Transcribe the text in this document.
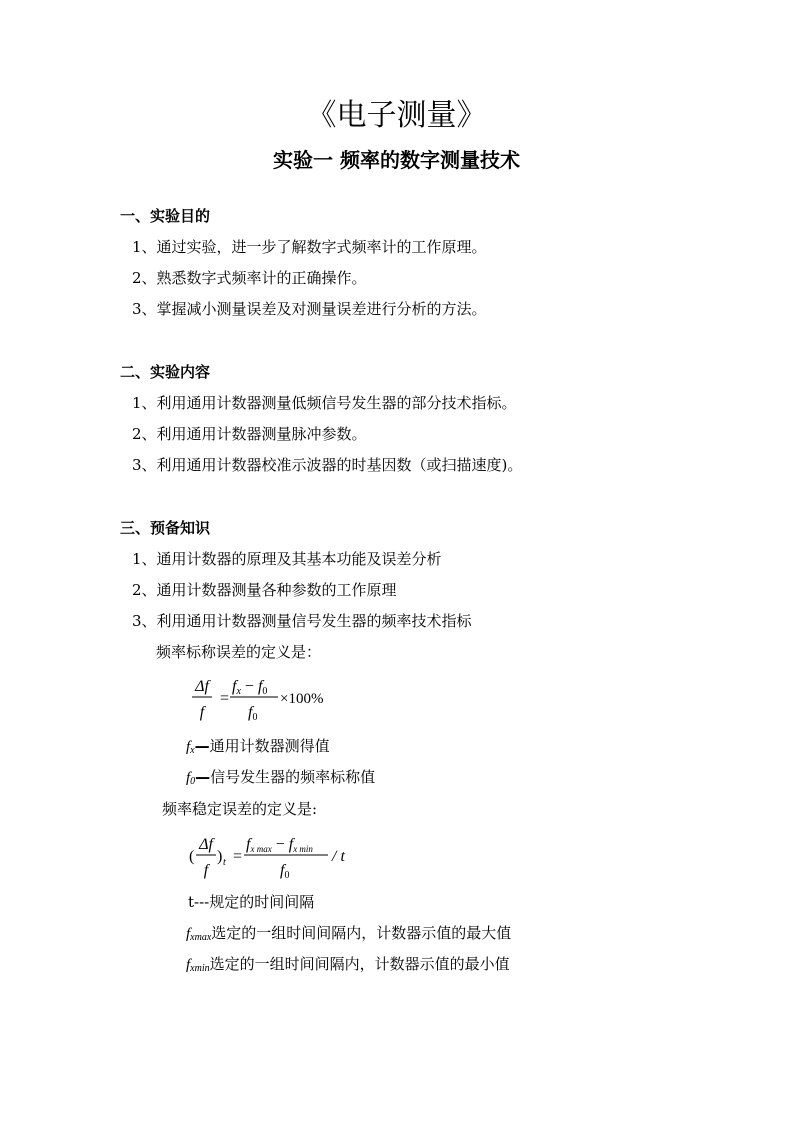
《电子测量》
实验一 频率的数字测量技术
一、实验目的
1、通过实验，进一步了解数字式频率计的工作原理。
2、熟悉数字式频率计的正确操作。
3、掌握减小测量误差及对测量误差进行分析的方法。
二、实验内容
1、利用通用计数器测量低频信号发生器的部分技术指标。
2、利用通用计数器测量脉冲参数。
3、利用通用计数器校准示波器的时基因数（或扫描速度)。
三、预备知识
1、通用计数器的原理及其基本功能及误差分析
2、通用计数器测量各种参数的工作原理
3、利用通用计数器测量信号发生器的频率技术指标
频率标称误差的定义是：
Δf
f
=
fx − f0
f0
×100%
$f_x—$通用计数器测得值
$f_0—$信号发生器的频率标称值
频率稳定误差的定义是:
(
Δf
f
) t =
fx max − fx min
f0
/ t
t---规定的时间间隔
$f_{xmax}$选定的一组时间间隔内，计数器示值的最大值
$f_{xmin}$选定的一组时间间隔内，计数器示值的最小值
